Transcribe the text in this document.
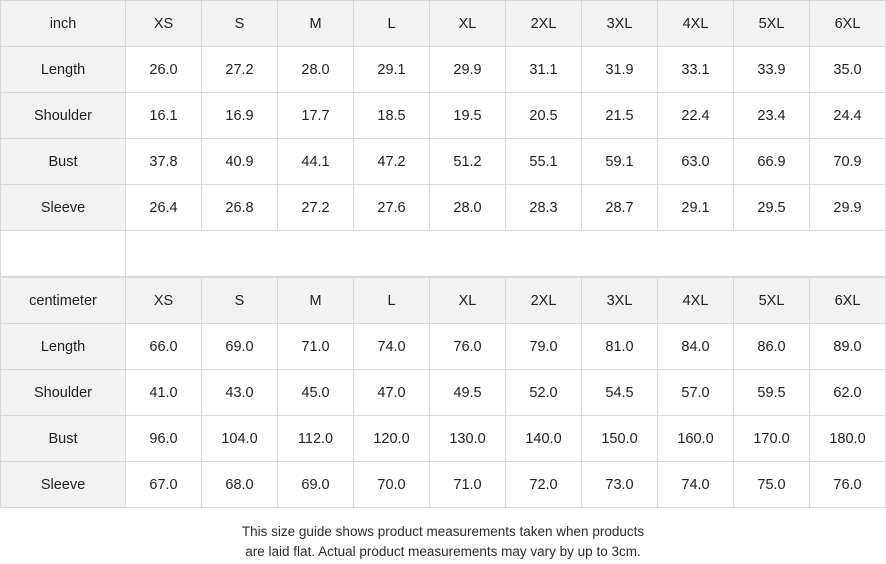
inch	XS	S	M	L	XL	2XL	3XL	4XL	5XL	6XL
Length	26.0	27.2	28.0	29.1	29.9	31.1	31.9	33.1	33.9	35.0
Shoulder	16.1	16.9	17.7	18.5	19.5	20.5	21.5	22.4	23.4	24.4
Bust	37.8	40.9	44.1	47.2	51.2	55.1	59.1	63.0	66.9	70.9
Sleeve	26.4	26.8	27.2	27.6	28.0	28.3	28.7	29.1	29.5	29.9

centimeter	XS	S	M	L	XL	2XL	3XL	4XL	5XL	6XL
Length	66.0	69.0	71.0	74.0	76.0	79.0	81.0	84.0	86.0	89.0
Shoulder	41.0	43.0	45.0	47.0	49.5	52.0	54.5	57.0	59.5	62.0
Bust	96.0	104.0	112.0	120.0	130.0	140.0	150.0	160.0	170.0	180.0
Sleeve	67.0	68.0	69.0	70.0	71.0	72.0	73.0	74.0	75.0	76.0
This size guide shows product measurements taken when products
are laid flat. Actual product measurements may vary by up to 3cm.
